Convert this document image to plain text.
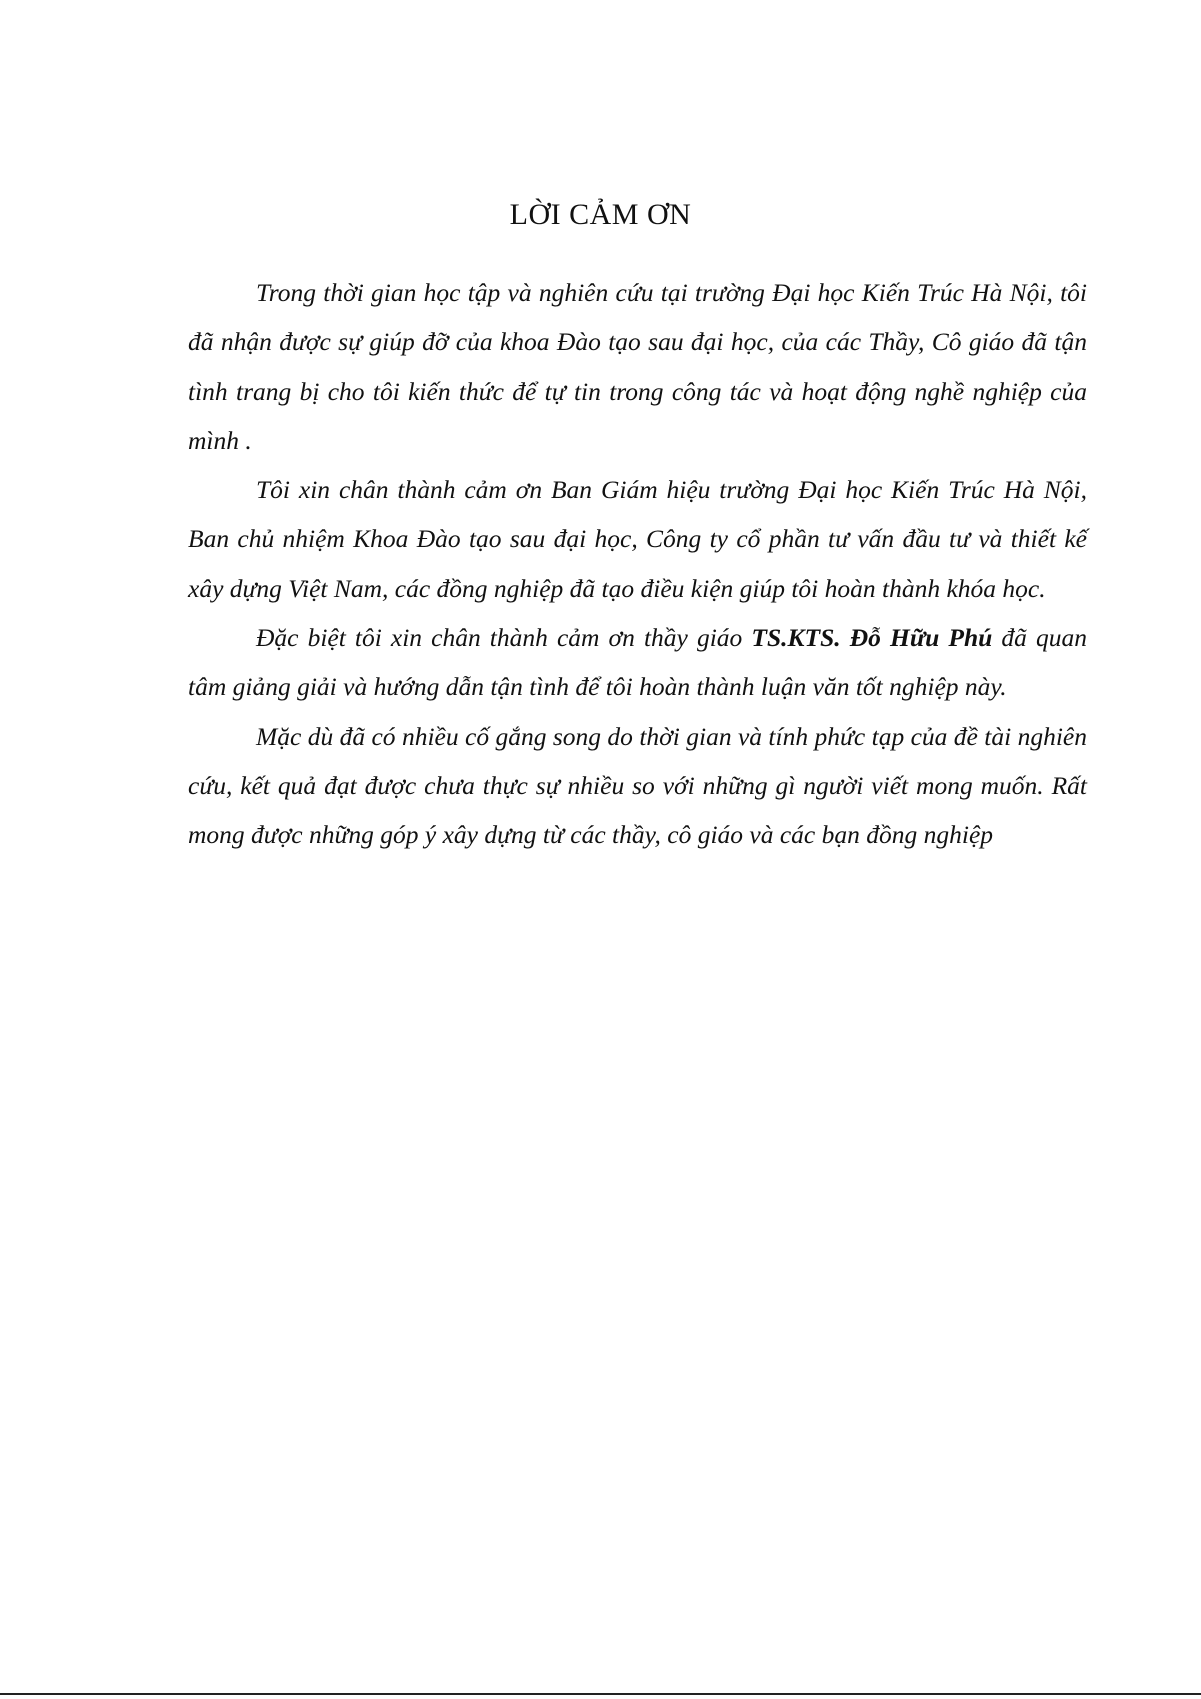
LỜI CẢM ƠN

Trong thời gian học tập và nghiên cứu tại trường Đại học Kiến Trúc Hà Nội, tôi đã nhận được sự giúp đỡ của khoa Đào tạo sau đại học, của các Thầy, Cô giáo đã tận tình trang bị cho tôi kiến thức để tự tin trong công tác và hoạt động nghề nghiệp của mình .

Tôi xin chân thành cảm ơn Ban Giám hiệu trường Đại học Kiến Trúc Hà Nội, Ban chủ nhiệm Khoa Đào tạo sau đại học, Công ty cổ phần tư vấn đầu tư và thiết kế xây dựng Việt Nam, các đồng nghiệp đã tạo điều kiện giúp tôi hoàn thành khóa học.

Đặc biệt tôi xin chân thành cảm ơn thầy giáo TS.KTS. Đỗ Hữu Phú đã quan tâm giảng giải và hướng dẫn tận tình để tôi hoàn thành luận văn tốt nghiệp này.

Mặc dù đã có nhiều cố gắng song do thời gian và tính phức tạp của đề tài nghiên cứu, kết quả đạt được chưa thực sự nhiều so với những gì người viết mong muốn. Rất mong được những góp ý xây dựng từ các thầy, cô giáo và các bạn đồng nghiệp
